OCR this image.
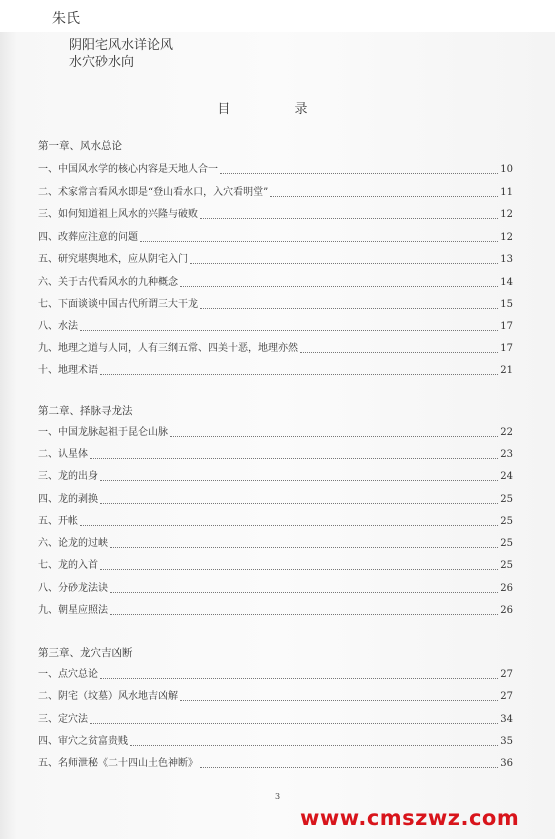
朱氏
阴阳宅风水详论风
水穴砂水向
目 录
第一章、风水总论
一、中国风水学的核心内容是天地人合一	10
二、术家常言看风水即是“登山看水口，入穴看明堂”	11
三、如何知道祖上风水的兴隆与破败	12
四、改葬应注意的问题	12
五、研究堪舆地术，应从阴宅入门	13
六、关于古代看风水的九种概念	14
七、下面谈谈中国古代所谓三大干龙	15
八、水法	17
九、地理之道与人同，人有三纲五常、四美十恶，地理亦然	17
十、地理术语	21
第二章、择脉寻龙法
一、中国龙脉起祖于昆仑山脉	22
二、认星体	23
三、龙的出身	24
四、龙的剥换	25
五、开帐	25
六、论龙的过峡	25
七、龙的入首	25
八、分砂龙法诀	26
九、朝星应照法	26
第三章、龙穴吉凶断
一、点穴总论	27
二、阴宅（坟墓）风水地吉凶解	27
三、定穴法	34
四、审穴之贫富贵贱	35
五、名师泄秘《二十四山土色神断》	36
3
www.cmszwz.com
